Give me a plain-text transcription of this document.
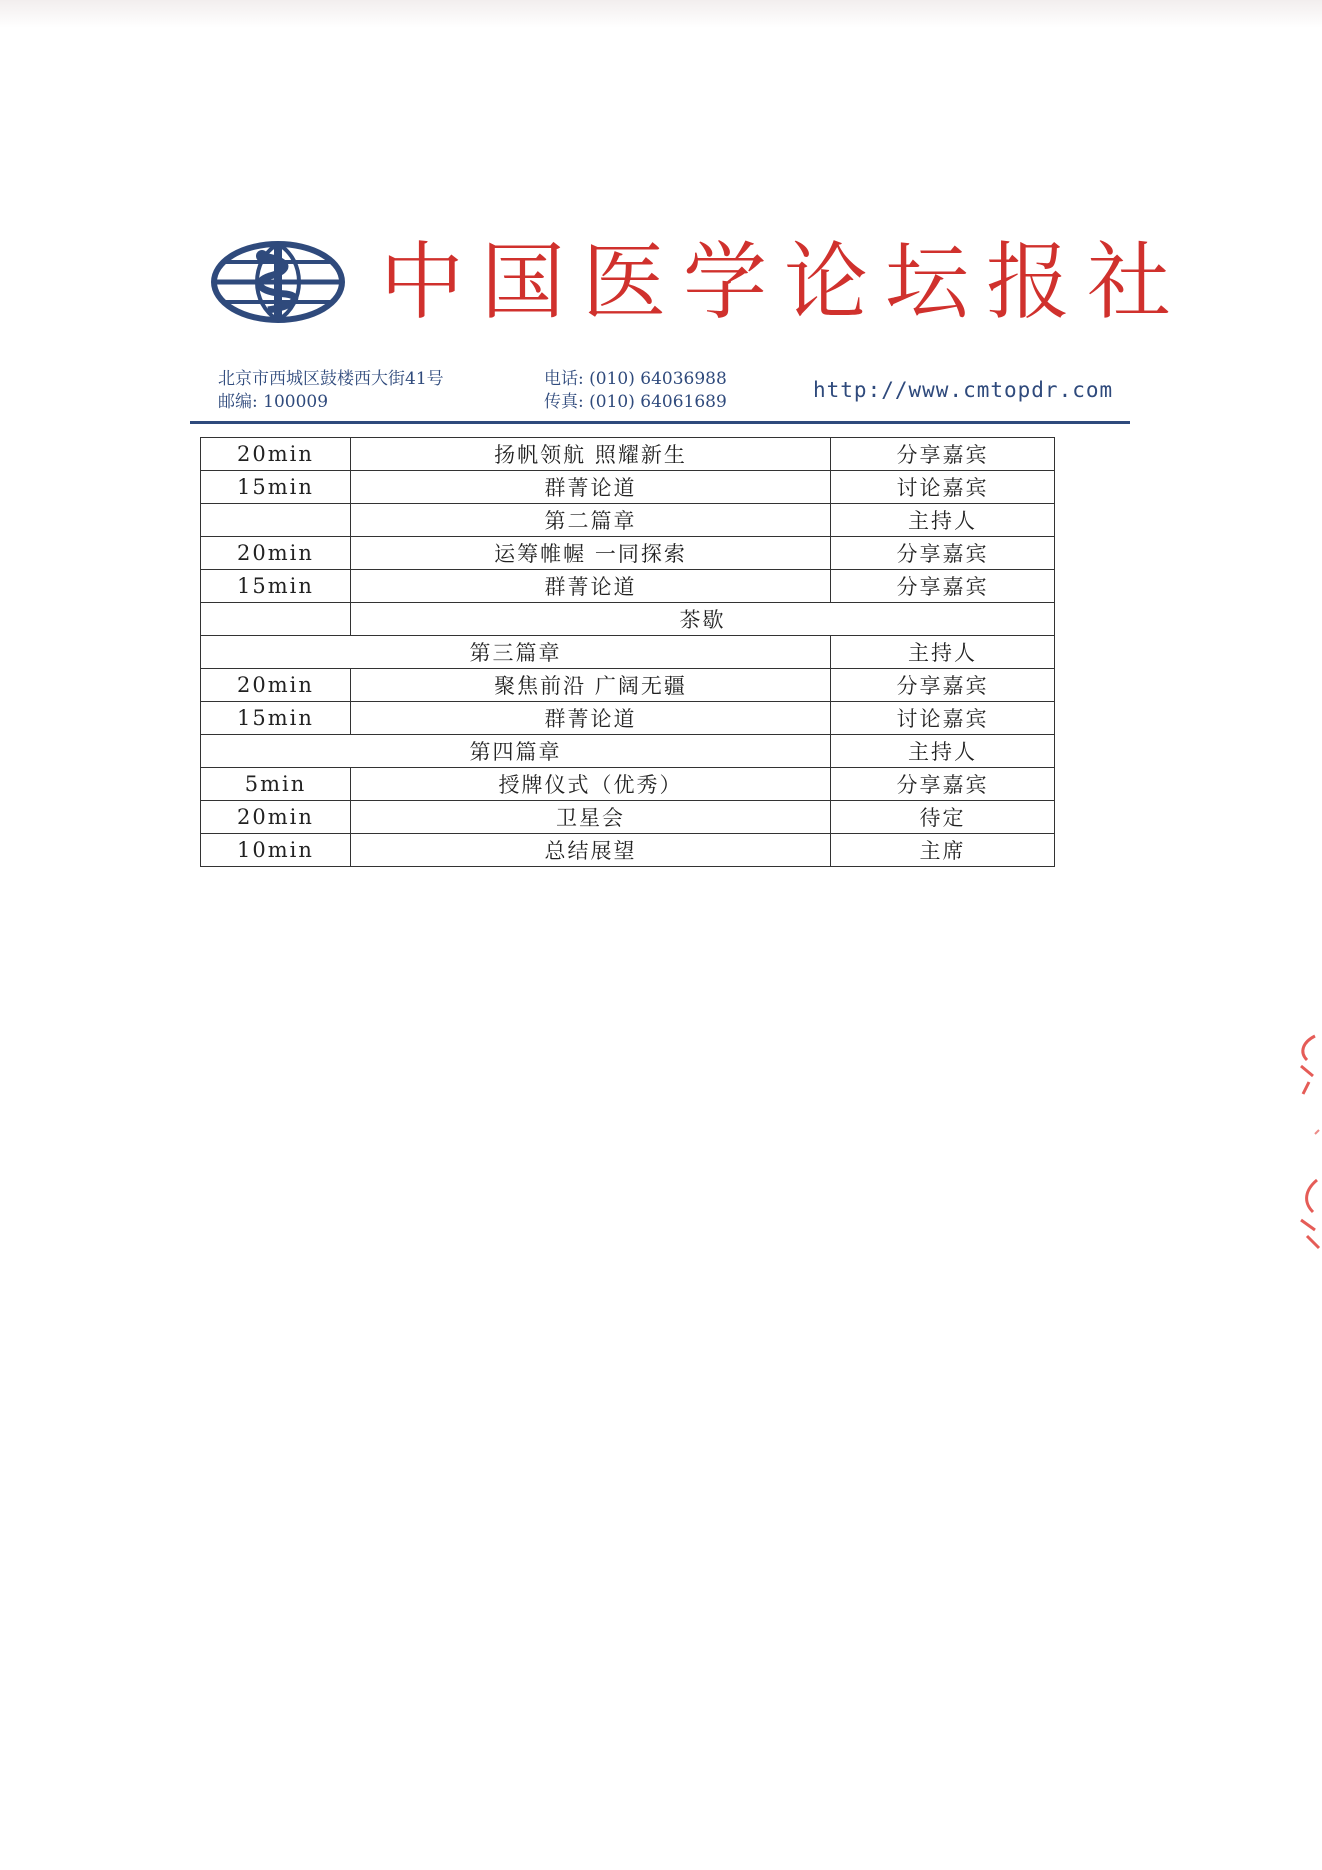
中国医学论坛报社
北京市西城区鼓楼西大街41号
邮编: 100009
电话: (010) 64036988
传真: (010) 64061689	http://www.cmtopdr.com
20min	扬帆领航 照耀新生	分享嘉宾
15min	群菁论道	讨论嘉宾
	第二篇章	主持人
20min	运筹帷幄 一同探索	分享嘉宾
15min	群菁论道	分享嘉宾
	茶歇	
第三篇章		主持人
20min	聚焦前沿 广阔无疆	分享嘉宾
15min	群菁论道	讨论嘉宾
第四篇章		主持人
5min	授牌仪式（优秀）	分享嘉宾
20min	卫星会	待定
10min	总结展望	主席
